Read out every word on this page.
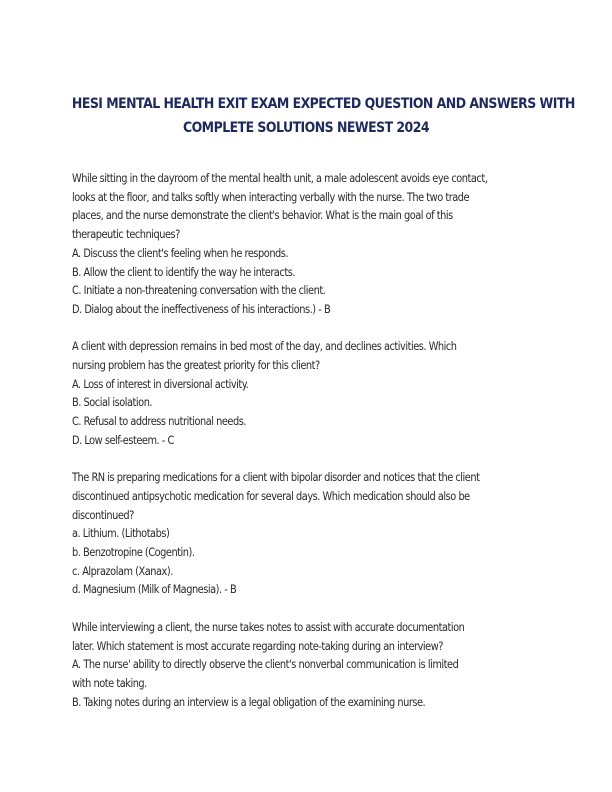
HESI MENTAL HEALTH EXIT EXAM EXPECTED QUESTION AND ANSWERS WITH
COMPLETE SOLUTIONS NEWEST 2024
While sitting in the dayroom of the mental health unit, a male adolescent avoids eye contact,
looks at the floor, and talks softly when interacting verbally with the nurse. The two trade
places, and the nurse demonstrate the client's behavior. What is the main goal of this
therapeutic techniques?
A. Discuss the client's feeling when he responds.
B. Allow the client to identify the way he interacts.
C. Initiate a non-threatening conversation with the client.
D. Dialog about the ineffectiveness of his interactions.) - B
A client with depression remains in bed most of the day, and declines activities. Which
nursing problem has the greatest priority for this client?
A. Loss of interest in diversional activity.
B. Social isolation.
C. Refusal to address nutritional needs.
D. Low self-esteem. - C
The RN is preparing medications for a client with bipolar disorder and notices that the client
discontinued antipsychotic medication for several days. Which medication should also be
discontinued?
a. Lithium. (Lithotabs)
b. Benzotropine (Cogentin).
c. Alprazolam (Xanax).
d. Magnesium (Milk of Magnesia). - B
While interviewing a client, the nurse takes notes to assist with accurate documentation
later. Which statement is most accurate regarding note-taking during an interview?
A. The nurse' ability to directly observe the client's nonverbal communication is limited
with note taking.
B. Taking notes during an interview is a legal obligation of the examining nurse.
